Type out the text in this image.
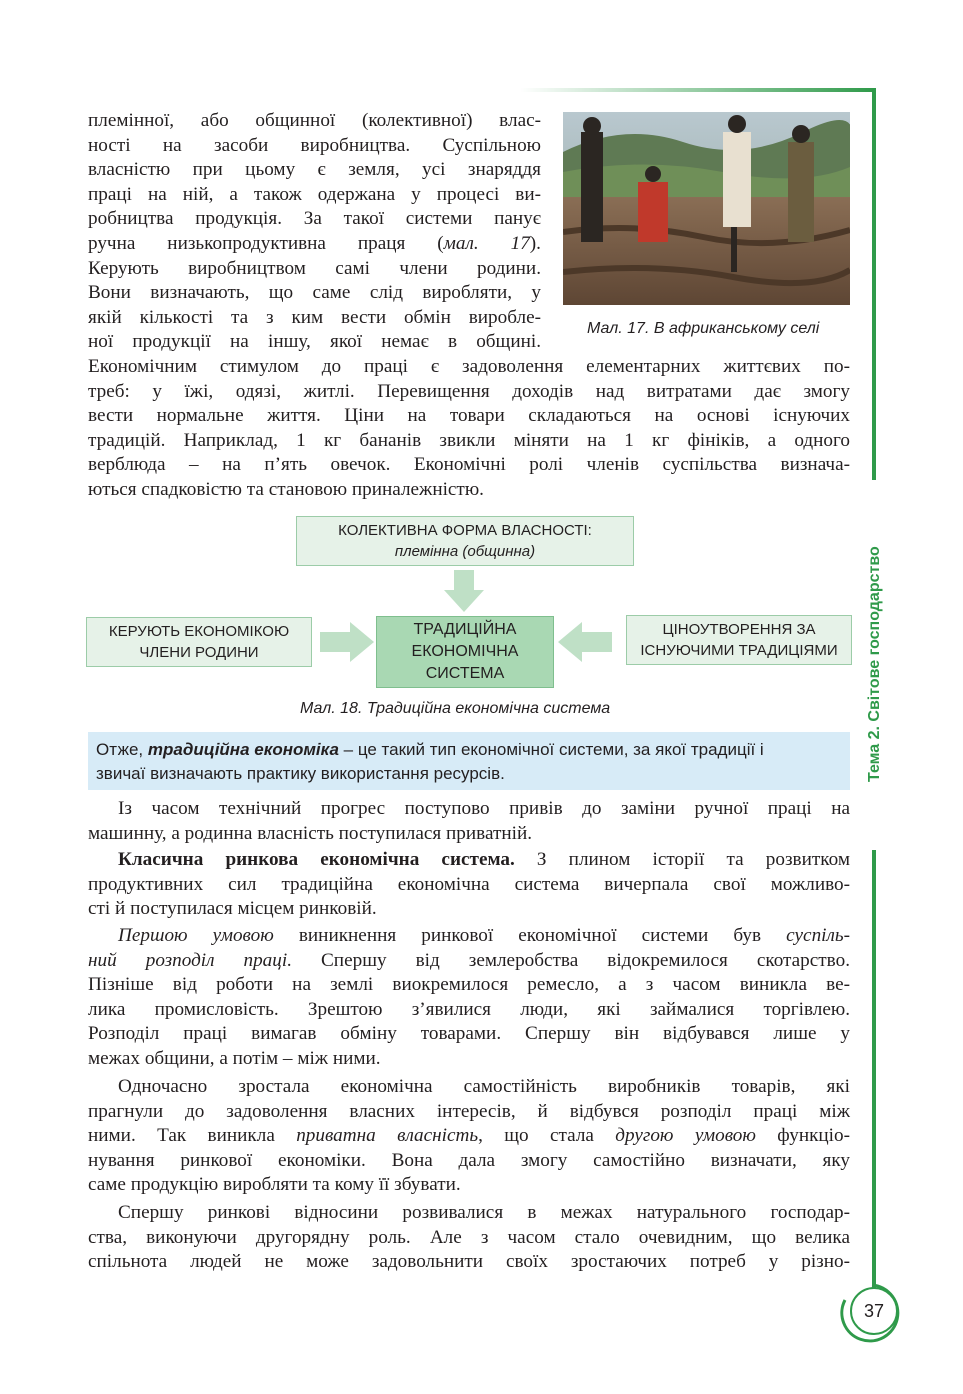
племінної, або общинної (колективної) влас-
ності на засоби виробництва. Суспільною
власністю при цьому є земля, усі знаряддя
праці на ній, а також одержана у процесі ви-
робництва продукція. За такої системи панує
ручна низькопродуктивна праця (мал. 17).
Керують виробництвом самі члени родини.
Вони визначають, що саме слід виробляти, у
якій кількості та з ким вести обмін виробле-
ної продукції на іншу, якої немає в общині.
Мал. 17. В африканському селі
Економічним стимулом до праці є задоволення елементарних життєвих по-
треб: у їжі, одязі, житлі. Перевищення доходів над витратами дає змогу
вести нормальне життя. Ціни на товари складаються на основі існуючих
традицій. Наприклад, 1 кг бананів звикли міняти на 1 кг фініків, а одного
верблюда – на п’ять овечок. Економічні ролі членів суспільства визнача-
ються спадковістю та становою приналежністю.
КОЛЕКТИВНА ФОРМА ВЛАСНОСТІ:
племінна (общинна)
КЕРУЮТЬ ЕКОНОМІКОЮ
ЧЛЕНИ РОДИНИ
ТРАДИЦІЙНА
ЕКОНОМІЧНА
СИСТЕМА
ЦІНОУТВОРЕННЯ ЗА
ІСНУЮЧИМИ ТРАДИЦІЯМИ
Мал. 18. Традиційна економічна система
Отже, традиційна економіка – це такий тип економічної системи, за якої традиції і
звичаї визначають практику використання ресурсів.
Із часом технічний прогрес поступово привів до заміни ручної праці на
машинну, а родинна власність поступилася приватній.
Класична ринкова економічна система. З плином історії та розвитком
продуктивних сил традиційна економічна система вичерпала свої можливо-
сті й поступилася місцем ринковій.
Першою умовою виникнення ринкової економічної системи був суспіль-
ний розподіл праці. Спершу від землеробства відокремилося скотарство.
Пізніше від роботи на землі виокремилося ремесло, а з часом виникла ве-
лика промисловість. Зрештою з’явилися люди, які займалися торгівлею.
Розподіл праці вимагав обміну товарами. Спершу він відбувався лише у
межах общини, а потім – між ними.
Одночасно зростала економічна самостійність виробників товарів, які
прагнули до задоволення власних інтересів, й відбувся розподіл праці між
ними. Так виникла приватна власність, що стала другою умовою функціо-
нування ринкової економіки. Вона дала змогу самостійно визначати, яку
саме продукцію виробляти та кому її збувати.
Спершу ринкові відносини розвивалися в межах натурального господар-
ства, виконуючи другорядну роль. Але з часом стало очевидним, що велика
спільнота людей не може задовольнити своїх зростаючих потреб у різно-
Тема 2. Світове господарство
37
